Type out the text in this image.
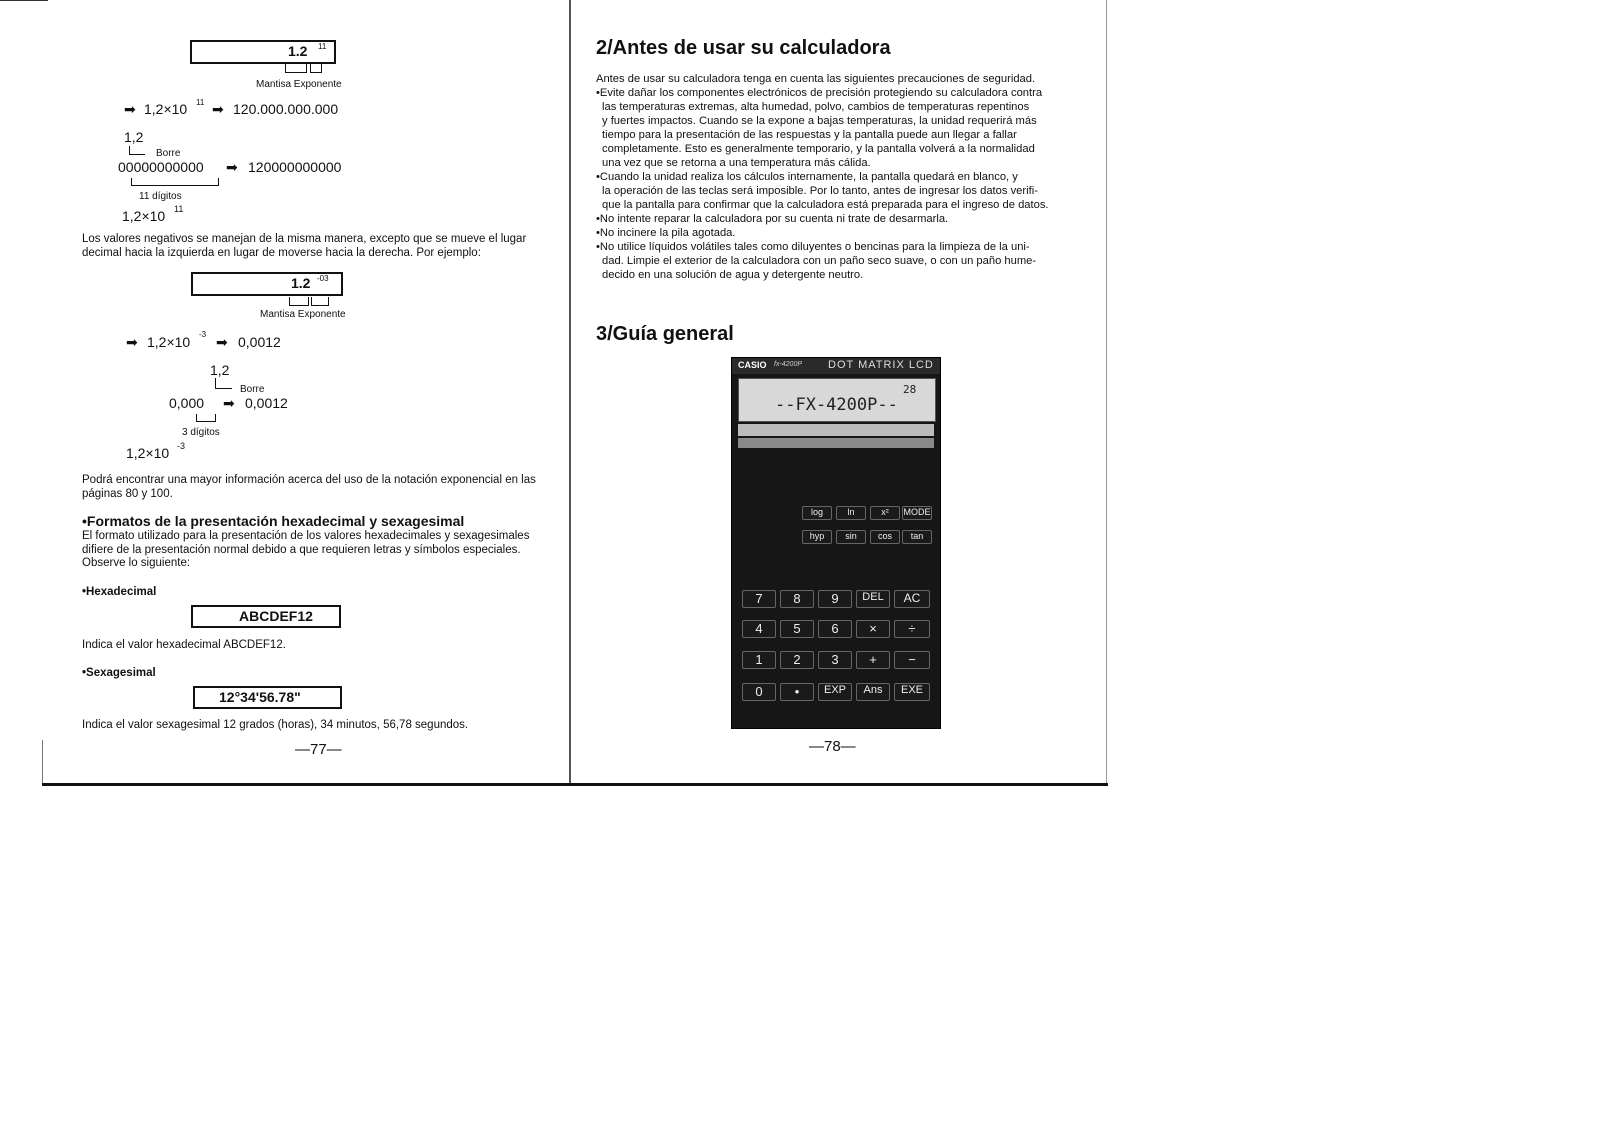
1.2 11
Mantisa Exponente
➡ 1,2×10 11 ➡ 120.000.000.000
1,2
Borre
00000000000 ➡ 120000000000
11 dígitos
1,2×10 11
Los valores negativos se manejan de la misma manera, excepto que se mueve el lugar decimal hacia la izquierda en lugar de moverse hacia la derecha. Por ejemplo:
1.2 -03
Mantisa Exponente
➡ 1,2×10 -3 ➡ 0,0012
1,2
Borre
0,000 ➡ 0,0012
3 dígitos
1,2×10 -3
Podrá encontrar una mayor información acerca del uso de la notación exponencial en las páginas 80 y 100.
•Formatos de la presentación hexadecimal y sexagesimal
El formato utilizado para la presentación de los valores hexadecimales y sexagesimales difiere de la presentación normal debido a que requieren letras y símbolos especiales. Observe lo siguiente:
•Hexadecimal
ABCDEF12
Indica el valor hexadecimal ABCDEF12.
•Sexagesimal
12°34'56.78"
Indica el valor sexagesimal 12 grados (horas), 34 minutos, 56,78 segundos.
—77—
2/Antes de usar su calculadora
Antes de usar su calculadora tenga en cuenta las siguientes precauciones de seguridad.
•Evite dañar los componentes electrónicos de precisión protegiendo su calculadora contra
las temperaturas extremas, alta humedad, polvo, cambios de temperaturas repentinos
y fuertes impactos. Cuando se la expone a bajas temperaturas, la unidad requerirá más
tiempo para la presentación de las respuestas y la pantalla puede aun llegar a fallar
completamente. Esto es generalmente temporario, y la pantalla volverá a la normalidad
una vez que se retorna a una temperatura más cálida.
•Cuando la unidad realiza los cálculos internamente, la pantalla quedará en blanco, y
la operación de las teclas será imposible. Por lo tanto, antes de ingresar los datos verifi-
que la pantalla para confirmar que la calculadora está preparada para el ingreso de datos.
•No intente reparar la calculadora por su cuenta ni trate de desarmarla.
•No incinere la pila agotada.
•No utilice líquidos volátiles tales como diluyentes o bencinas para la limpieza de la uni-
dad. Limpie el exterior de la calculadora con un paño seco suave, o con un paño hume-
decido en una solución de agua y detergente neutro.
3/Guía general
CASIO fx-4200P DOT MATRIX LCD
--FX-4200P--
28
log	ln	x²	MODE
hyp	sin	cos	tan
7	8	9	DEL	AC
4	5	6	×	÷
1	2	3	+	−
0	•	EXP	Ans	EXE
—78—
